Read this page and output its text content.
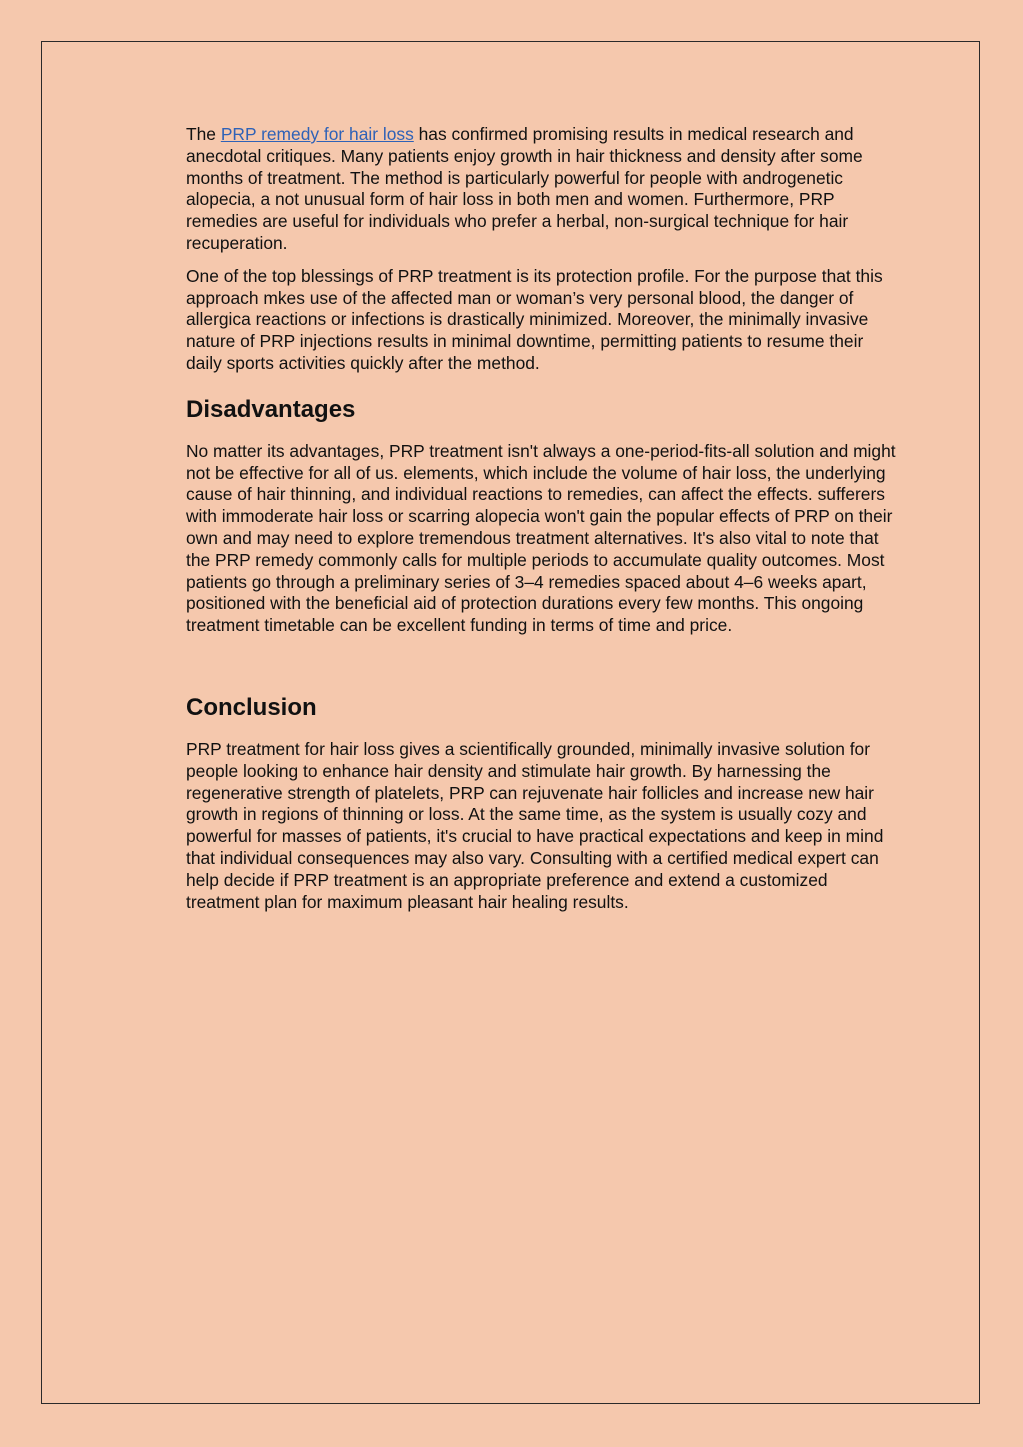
The PRP remedy for hair loss has confirmed promising results in medical research and anecdotal critiques. Many patients enjoy growth in hair thickness and density after some months of treatment. The method is particularly powerful for people with androgenetic alopecia, a not unusual form of hair loss in both men and women. Furthermore, PRP remedies are useful for individuals who prefer a herbal, non-surgical technique for hair recuperation.

One of the top blessings of PRP treatment is its protection profile. For the purpose that this approach mkes use of the affected man or woman’s very personal blood, the danger of allergica reactions or infections is drastically minimized. Moreover, the minimally invasive nature of PRP injections results in minimal downtime, permitting patients to resume their daily sports activities quickly after the method.

Disadvantages

No matter its advantages, PRP treatment isn't always a one-period-fits-all solution and might not be effective for all of us. elements, which include the volume of hair loss, the underlying cause of hair thinning, and individual reactions to remedies, can affect the effects. sufferers with immoderate hair loss or scarring alopecia won't gain the popular effects of PRP on their own and may need to explore tremendous treatment alternatives. It's also vital to note that the PRP remedy commonly calls for multiple periods to accumulate quality outcomes. Most patients go through a preliminary series of 3–4 remedies spaced about 4–6 weeks apart, positioned with the beneficial aid of protection durations every few months. This ongoing treatment timetable can be excellent funding in terms of time and price.

Conclusion

PRP treatment for hair loss gives a scientifically grounded, minimally invasive solution for people looking to enhance hair density and stimulate hair growth. By harnessing the regenerative strength of platelets, PRP can rejuvenate hair follicles and increase new hair growth in regions of thinning or loss. At the same time, as the system is usually cozy and powerful for masses of patients, it's crucial to have practical expectations and keep in mind that individual consequences may also vary. Consulting with a certified medical expert can help decide if PRP treatment is an appropriate preference and extend a customized treatment plan for maximum pleasant hair healing results.
